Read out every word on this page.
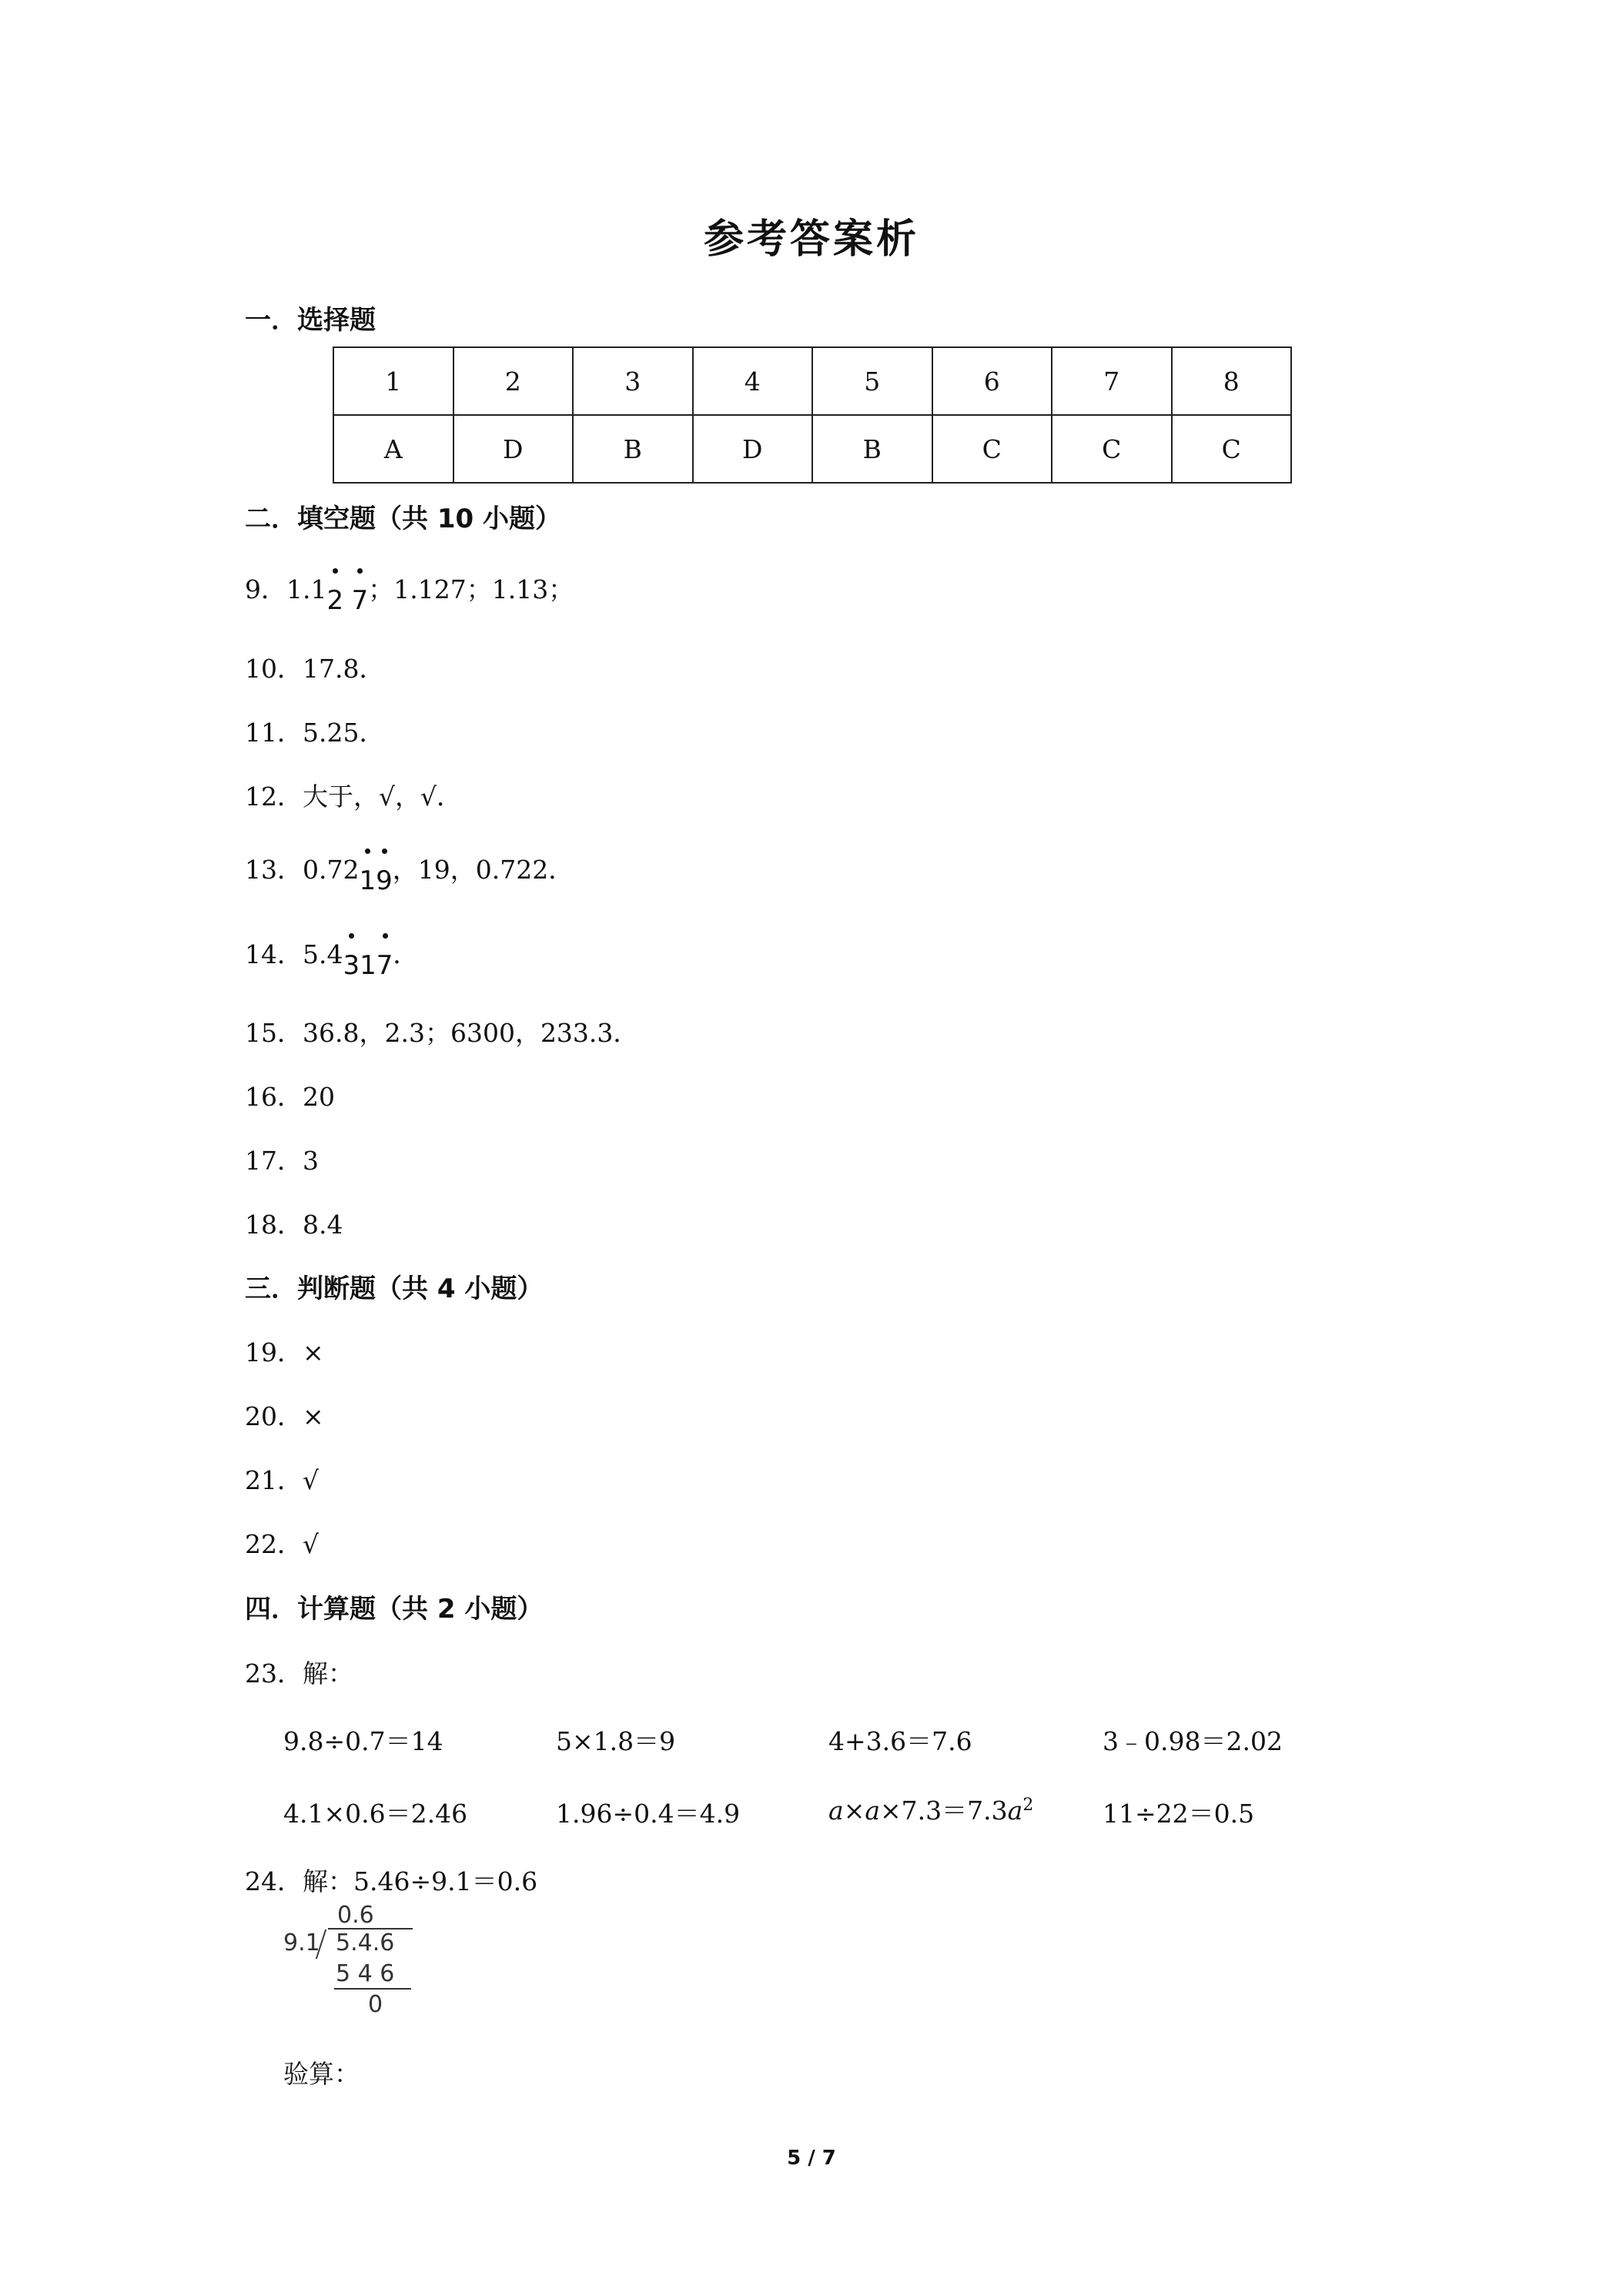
参考答案析
一．选择题
1	2	3	4	5	6	7	8
A	D	B	D	B	C	C	C
二．填空题（共 10 小题）
9．1.1
2 7；1.127；1.13；
10．17.8．
11．5.25．
12．大于，√，√．
13．0.72
1
9，19，0.722．
14．5.4
31
7．
15．36.8，2.3；6300，233.3．
16．20
17．3
18．8.4
三．判断题（共 4 小题）
19．×
20．×
21．√
22．√
四．计算题（共 2 小题）
23．解：
9.8÷0.7＝14	5×1.8＝9	4+3.6＝7.6	3﹣0.98＝2.02
4.1×0.6＝2.46	1.96÷0.4＝4.9	$a\times a\times 7.3=7.3a^2$	11÷22＝0.5
24．解：5.46÷9.1＝0.6
0.6
9.1 5.4.6
5 4 6
0
验算：
5 / 7
